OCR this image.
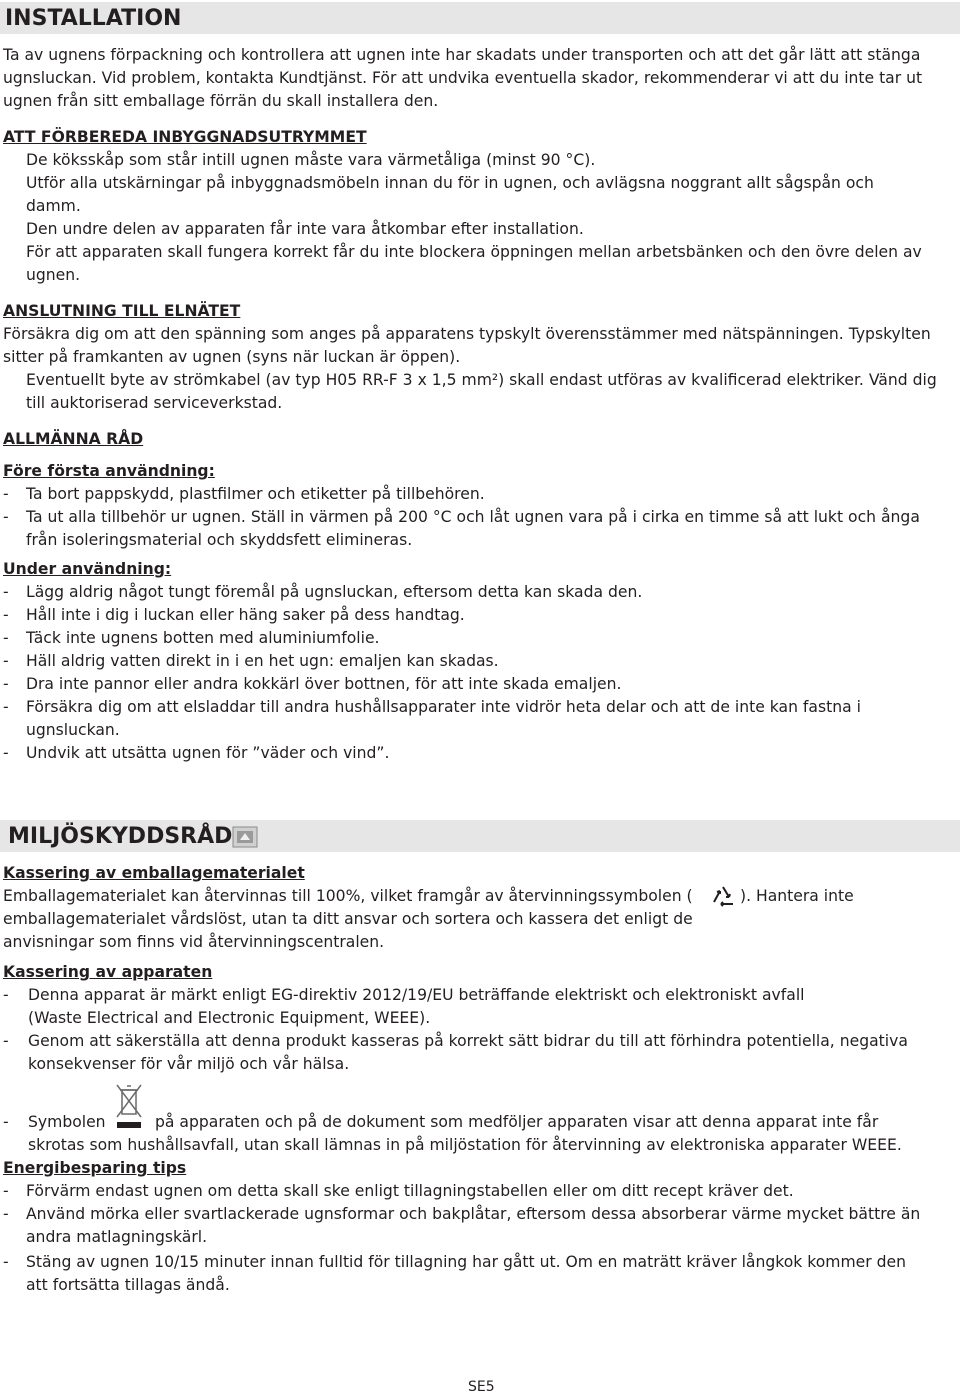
INSTALLATION

Ta av ugnens förpackning och kontrollera att ugnen inte har skadats under transporten och att det går lätt att stänga

ugnsluckan. Vid problem, kontakta Kundtjänst. För att undvika eventuella skador, rekommenderar vi att du inte tar ut

ugnen från sitt emballage förrän du skall installera den.

ATT FÖRBEREDA INBYGGNADSUTRYMMET

De köksskåp som står intill ugnen måste vara värmetåliga (minst 90 °C).

Utför alla utskärningar på inbyggnadsmöbeln innan du för in ugnen, och avlägsna noggrant allt sågspån och

damm.

Den undre delen av apparaten får inte vara åtkombar efter installation.

För att apparaten skall fungera korrekt får du inte blockera öppningen mellan arbetsbänken och den övre delen av

ugnen.

ANSLUTNING TILL ELNÄTET

Försäkra dig om att den spänning som anges på apparatens typskylt överensstämmer med nätspänningen. Typskylten

sitter på framkanten av ugnen (syns när luckan är öppen).

Eventuellt byte av strömkabel (av typ H05 RR-F 3 x 1,5 mm²) skall endast utföras av kvalificerad elektriker. Vänd dig

till auktoriserad serviceverkstad.

ALLMÄNNA RÅD

Före första användning:

- Ta bort pappskydd, plastfilmer och etiketter på tillbehören.

- Ta ut alla tillbehör ur ugnen. Ställ in värmen på 200 °C och låt ugnen vara på i cirka en timme så att lukt och ånga

från isoleringsmaterial och skyddsfett elimineras.

Under användning:

- Lägg aldrig något tungt föremål på ugnsluckan, eftersom detta kan skada den.

- Håll inte i dig i luckan eller häng saker på dess handtag.

- Täck inte ugnens botten med aluminiumfolie.

- Häll aldrig vatten direkt in i en het ugn: emaljen kan skadas.

- Dra inte pannor eller andra kokkärl över bottnen, för att inte skada emaljen.

- Försäkra dig om att elsladdar till andra hushållsapparater inte vidrör heta delar och att de inte kan fastna i

ugnsluckan.

- Undvik att utsätta ugnen för ”väder och vind”.

MILJÖSKYDDSRÅD

Kassering av emballagematerialet

Emballagematerialet kan återvinnas till 100%, vilket framgår av återvinningssymbolen (	). Hantera inte

emballagematerialet vårdslöst, utan ta ditt ansvar och sortera och kassera det enligt de

anvisningar som finns vid återvinningscentralen.

Kassering av apparaten

- Denna apparat är märkt enligt EG-direktiv 2012/19/EU beträffande elektriskt och elektroniskt avfall

(Waste Electrical and Electronic Equipment, WEEE).

- Genom att säkerställa att denna produkt kasseras på korrekt sätt bidrar du till att förhindra potentiella, negativa

konsekvenser för vår miljö och vår hälsa.

- Symbolen	på apparaten och på de dokument som medföljer apparaten visar att denna apparat inte får

skrotas som hushållsavfall, utan skall lämnas in på miljöstation för återvinning av elektroniska apparater WEEE.

Energibesparing tips

- Förvärm endast ugnen om detta skall ske enligt tillagningstabellen eller om ditt recept kräver det.

- Använd mörka eller svartlackerade ugnsformar och bakplåtar, eftersom dessa absorberar värme mycket bättre än

andra matlagningskärl.

- Stäng av ugnen 10/15 minuter innan fulltid för tillagning har gått ut. Om en maträtt kräver långkok kommer den

att fortsätta tillagas ändå.

SE5
